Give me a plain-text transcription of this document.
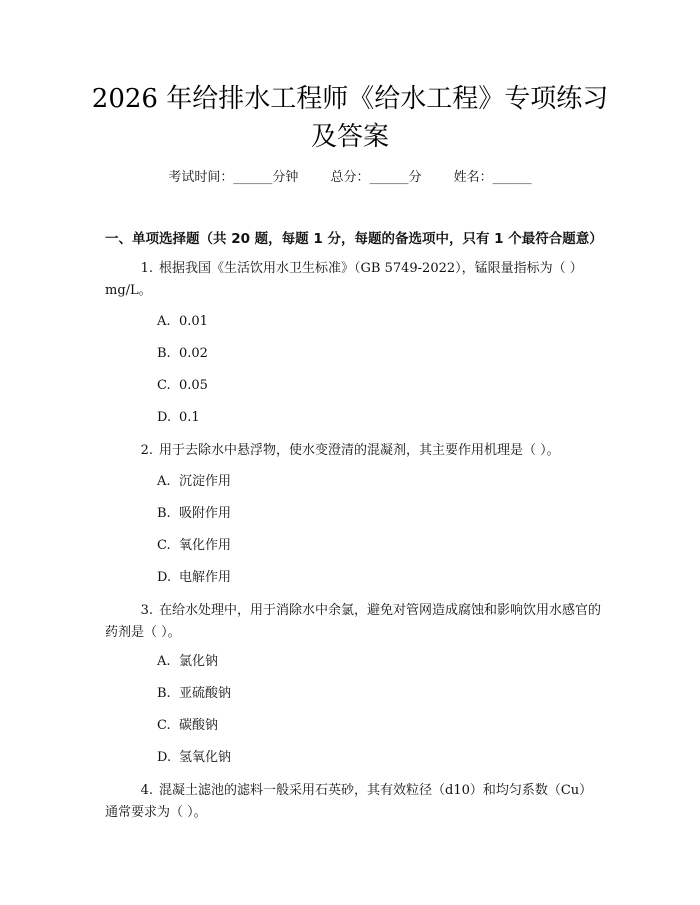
2026 年给排水工程师《给水工程》专项练习及答案
考试时间：______分钟 总分：______分 姓名：______
一、单项选择题（共 20 题，每题 1 分，每题的备选项中，只有 1 个最符合题意）
1. 根据我国《生活饮用水卫生标准》（GB 5749-2022），锰限量指标为（ ）mg/L。
A. 0.01
B. 0.02
C. 0.05
D. 0.1
2. 用于去除水中悬浮物，使水变澄清的混凝剂，其主要作用机理是（ ）。
A. 沉淀作用
B. 吸附作用
C. 氧化作用
D. 电解作用
3. 在给水处理中，用于消除水中余氯，避免对管网造成腐蚀和影响饮用水感官的药剂是（ ）。
A. 氯化钠
B. 亚硫酸钠
C. 碳酸钠
D. 氢氧化钠
4. 混凝土滤池的滤料一般采用石英砂，其有效粒径（d10）和均匀系数（Cu）通常要求为（ ）。
